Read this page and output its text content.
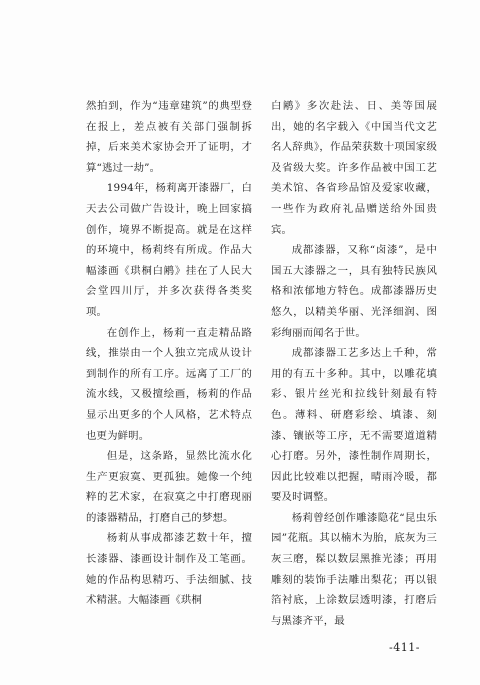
然拍到，作为“违章建筑”的典型登在报上，差点被有关部门强制拆掉，后来美术家协会开了证明，才算“逃过一劫”。

1994年，杨莉离开漆器厂，白天去公司做广告设计，晚上回家搞创作，境界不断提高。就是在这样的环境中，杨莉终有所成。作品大幅漆画《珙桐白鹇》挂在了人民大会堂四川厅，并多次获得各类奖项。

在创作上，杨莉一直走精品路线，推崇由一个人独立完成从设计到制作的所有工序。远离了工厂的流水线，又极擅绘画，杨莉的作品显示出更多的个人风格，艺术特点也更为鲜明。

但是，这条路，显然比流水化生产更寂寞、更孤独。她像一个纯粹的艺术家，在寂寞之中打磨现丽的漆器精品，打磨自己的梦想。

杨莉从事成都漆艺数十年，擅长漆器、漆画设计制作及工笔画。她的作品构思精巧、手法细腻、技术精湛。大幅漆画《珙桐

白鹇》多次赴法、日、美等国展出，她的名字载入《中国当代文艺名人辞典》，作品荣获数十项国家级及省级大奖。许多作品被中国工艺美术馆、各省珍品馆及爱家收藏，一些作为政府礼品赠送给外国贵宾。

成都漆器，又称“卤漆”，是中国五大漆器之一，具有独特民族风格和浓郁地方特色。成都漆器历史悠久，以精美华丽、光泽细润、图彩绚丽而闻名于世。

成都漆器工艺多达上千种，常用的有五十多种。其中，以雕花填彩、银片丝光和拉线针刻最有特色。薄料、研磨彩绘、填漆、刻漆、镶嵌等工序，无不需要道道精心打磨。另外，漆性制作周期长，因此比较难以把握，晴雨冷暖，都要及时调整。

杨莉曾经创作雕漆隐花“昆虫乐园”花瓶。其以楠木为胎，底灰为三灰三磨，髹以数层黑推光漆；再用雕刻的装饰手法雕出梨花；再以银箔衬底，上涂数层透明漆，打磨后与黑漆齐平，最

-411-
